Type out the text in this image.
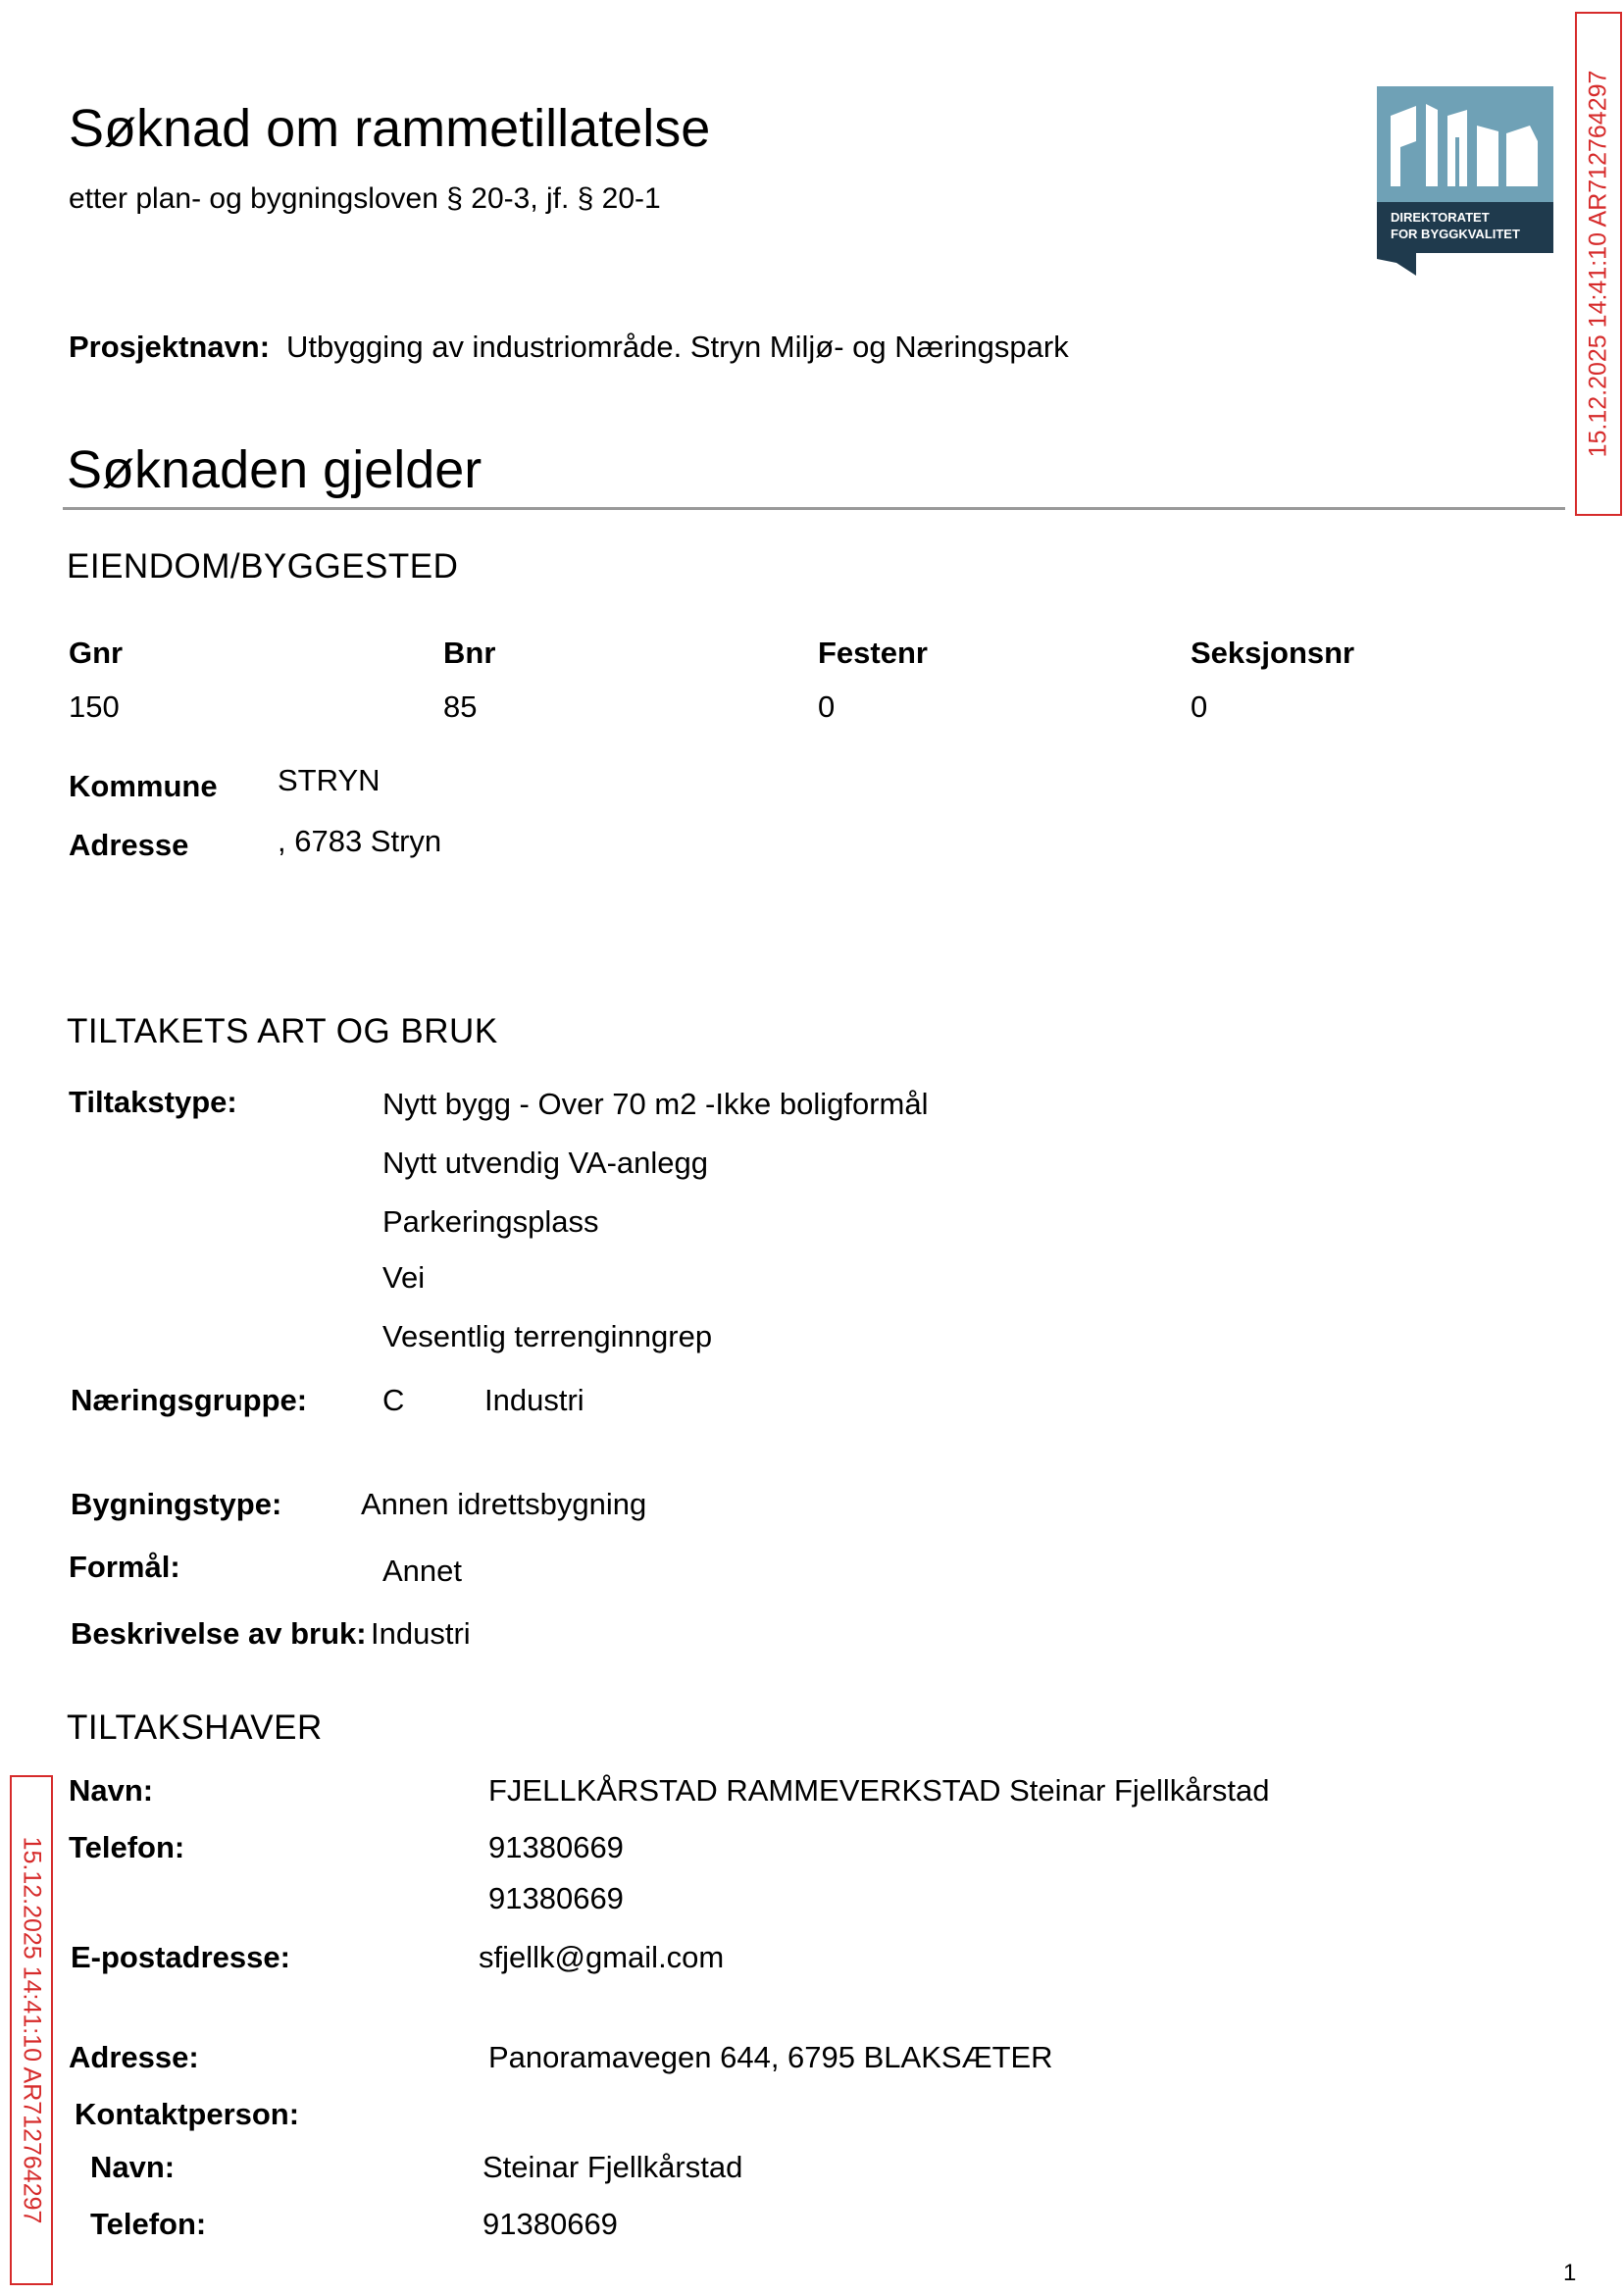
Søknad om rammetillatelse
etter plan- og bygningsloven § 20-3, jf. § 20-1
DIREKTORATET
FOR BYGGKVALITET	15.12.2025 14:41:10 AR712764297
15.12.2025 14:41:10 AR712764297
Prosjektnavn: Utbygging av industriområde. Stryn Miljø- og Næringspark
Søknaden gjelder
EIENDOM/BYGGESTED
Gnr	Bnr	Festenr	Seksjonsnr
150	85	0	0
Kommune STRYN
Adresse	, 6783 Stryn
TILTAKETS ART OG BRUK
Tiltakstype:	Nytt bygg - Over 70 m2 -Ikke boligformål
Nytt utvendig VA-anlegg
Parkeringsplass
Vei
Vesentlig terrenginngrep
Næringsgruppe: C	Industri
Bygningstype:	Annen idrettsbygning
Formål:	Annet
Beskrivelse av bruk: Industri
TILTAKSHAVER
Navn:	FJELLKÅRSTAD RAMMEVERKSTAD Steinar Fjellkårstad
Telefon:	91380669
91380669
E-postadresse:	sfjellk@gmail.com
Adresse:	Panoramavegen 644, 6795 BLAKSÆTER
Kontaktperson:
Navn:	Steinar Fjellkårstad
Telefon:	91380669
1
